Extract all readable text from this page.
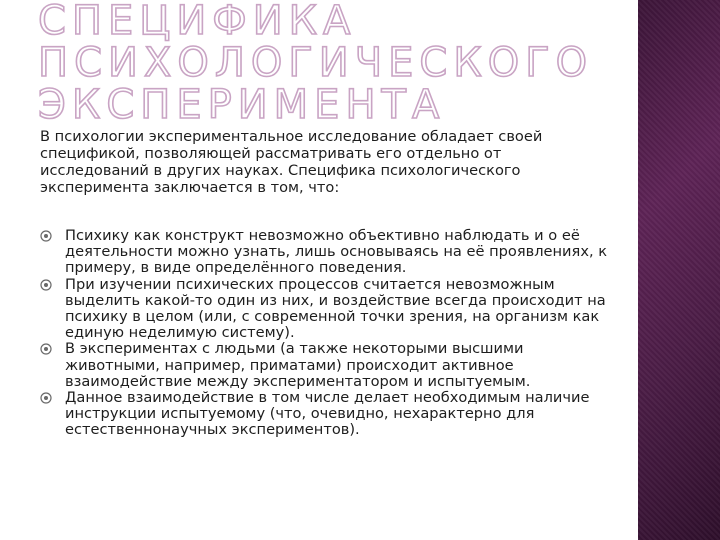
СПЕЦИФИКА
ПСИХОЛОГИЧЕСКОГО
ЭКСПЕРИМЕНТА
В психологии экспериментальное исследование обладает своей спецификой, позволяющей рассматривать его отдельно от исследований в других науках. Специфика психологического эксперимента заключается в том, что:
Психику как конструкт невозможно объективно наблюдать и о её деятельности можно узнать, лишь основываясь на её проявлениях, к примеру, в виде определённого поведения.
При изучении психических процессов считается невозможным выделить какой-то один из них, и воздействие всегда происходит на психику в целом (или, с современной точки зрения, на организм как единую неделимую систему).
В экспериментах с людьми (а также некоторыми высшими животными, например, приматами) происходит активное взаимодействие между экспериментатором и испытуемым.
Данное взаимодействие в том числе делает необходимым наличие инструкции испытуемому (что, очевидно, нехарактерно для естественнонаучных экспериментов).
